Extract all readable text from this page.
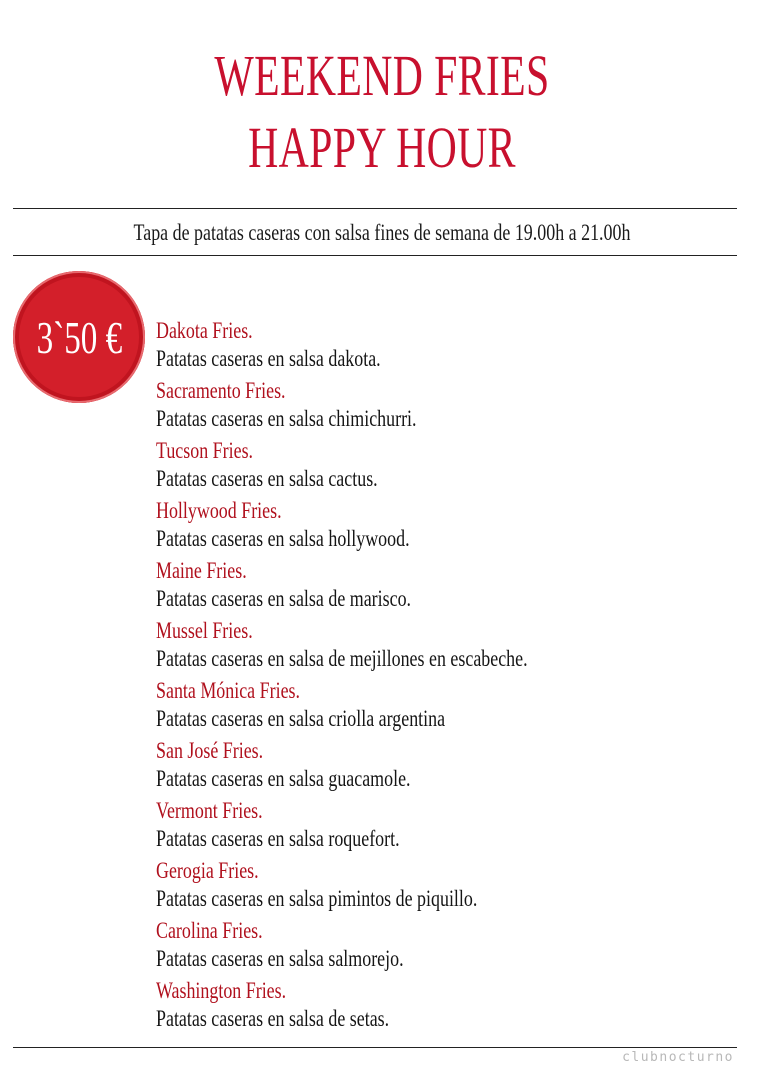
WEEKEND FRIES
HAPPY HOUR
Tapa de patatas caseras con salsa fines de semana de 19.00h a 21.00h
3`50 € Dakota Fries.
Patatas caseras en salsa dakota.
Sacramento Fries.
Patatas caseras en salsa chimichurri.
Tucson Fries.
Patatas caseras en salsa cactus.
Hollywood Fries.
Patatas caseras en salsa hollywood.
Maine Fries.
Patatas caseras en salsa de marisco.
Mussel Fries.
Patatas caseras en salsa de mejillones en escabeche.
Santa Mónica Fries.
Patatas caseras en salsa criolla argentina
San José Fries.
Patatas caseras en salsa guacamole.
Vermont Fries.
Patatas caseras en salsa roquefort.
Gerogia Fries.
Patatas caseras en salsa pimintos de piquillo.
Carolina Fries.
Patatas caseras en salsa salmorejo.
Washington Fries.
Patatas caseras en salsa de setas.
clubnocturno
